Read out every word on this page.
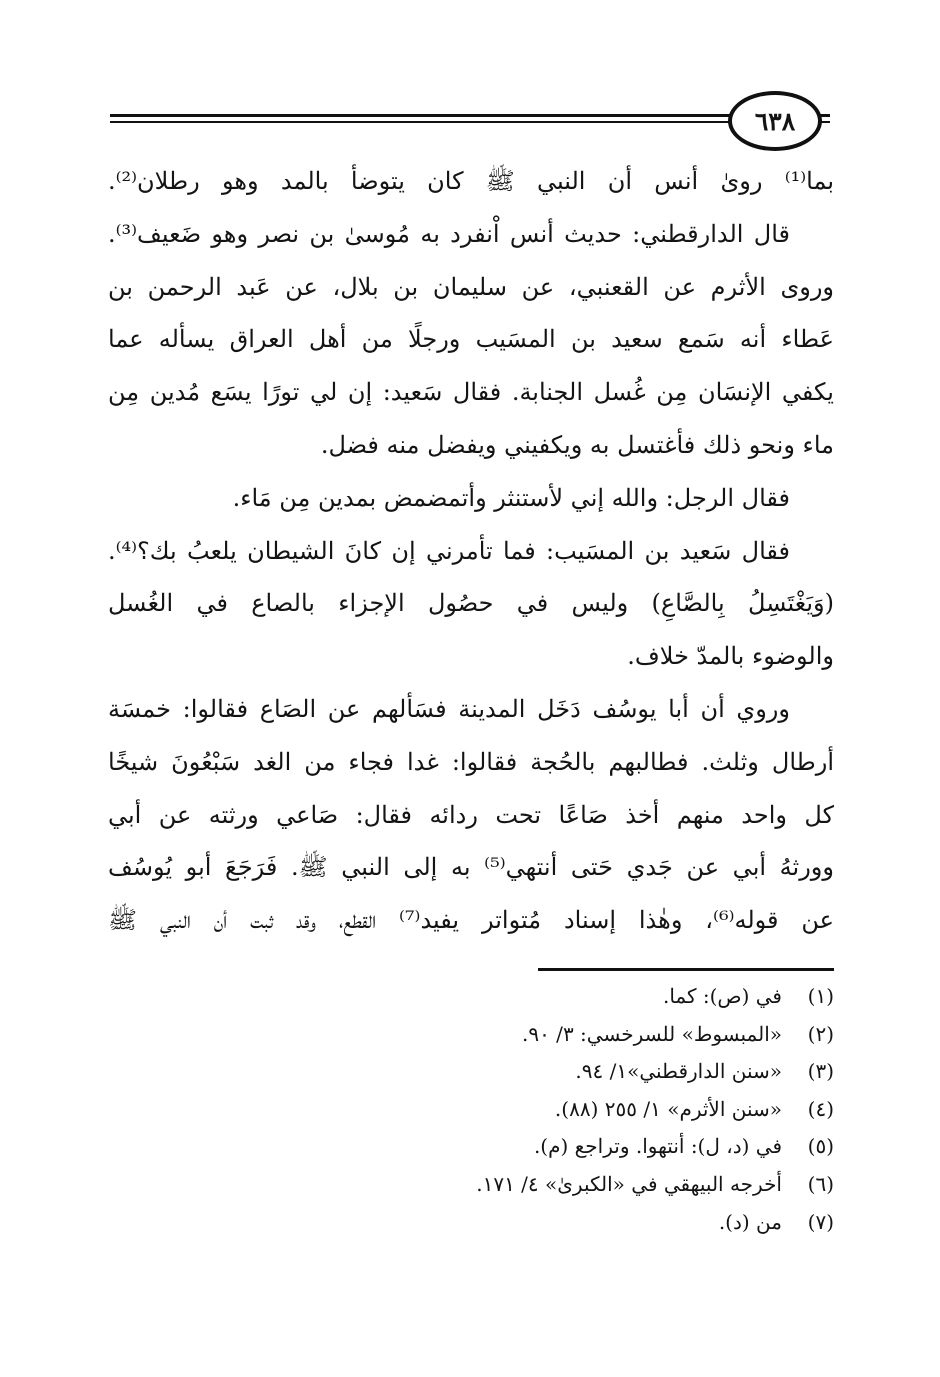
٦٣٨
بما⁽¹⁾ روىٰ أنس أن النبي ﷺ كان يتوضأ بالمد وهو رطلان⁽²⁾.
قال الدارقطني: حديث أنس اْنفرد به مُوسىٰ بن نصر وهو ضَعيف⁽³⁾.
وروى الأثرم عن القعنبي، عن سليمان بن بلال، عن عَبد الرحمن بن
عَطاء أنه سَمع سعيد بن المسَيب ورجلًا من أهل العراق يسأله عما
يكفي الإنسَان مِن غُسل الجنابة. فقال سَعيد: إن لي تورًا يسَع مُدين مِن
ماء ونحو ذلك فأغتسل به ويكفيني ويفضل منه فضل.
فقال الرجل: والله إني لأستنثر وأتمضمض بمدين مِن مَاء.
فقال سَعيد بن المسَيب: فما تأمرني إن كانَ الشيطان يلعبُ بك؟⁽⁴⁾.
(وَيَغْتَسِلُ بِالصَّاعِ) وليس في حصُول الإجزاء بالصاع في الغُسل
والوضوء بالمدّ خلاف.
وروي أن أبا يوسُف دَخَل المدينة فسَألهم عن الصَاع فقالوا: خمسَة
أرطال وثلث. فطالبهم بالحُجة فقالوا: غدا فجاء من الغد سَبْعُونَ شيخًا
كل واحد منهم أخذ صَاعًا تحت ردائه فقال: صَاعي ورثته عن أبي
وورثهُ أبي عن جَدي حَتى أنتهي⁽⁵⁾ به إلى النبي ﷺ. فَرَجَعَ أبو يُوسُف
عن قوله⁽⁶⁾، وهٰذا إسناد مُتواتر يفيد⁽⁷⁾ القطع، وقد ثبت أن النبي ﷺ
(١)في (ص): كما.
(٢)«المبسوط» للسرخسي: ٣/ ٩٠.
(٣)«سنن الدارقطني»١/ ٩٤.
(٤)«سنن الأثرم» ١/ ٢٥٥ (٨٨).
(٥)في (د، ل): أنتهوا. وتراجع (م).
(٦)أخرجه البيهقي في «الكبرىٰ» ٤/ ١٧١.
(٧)من (د).
